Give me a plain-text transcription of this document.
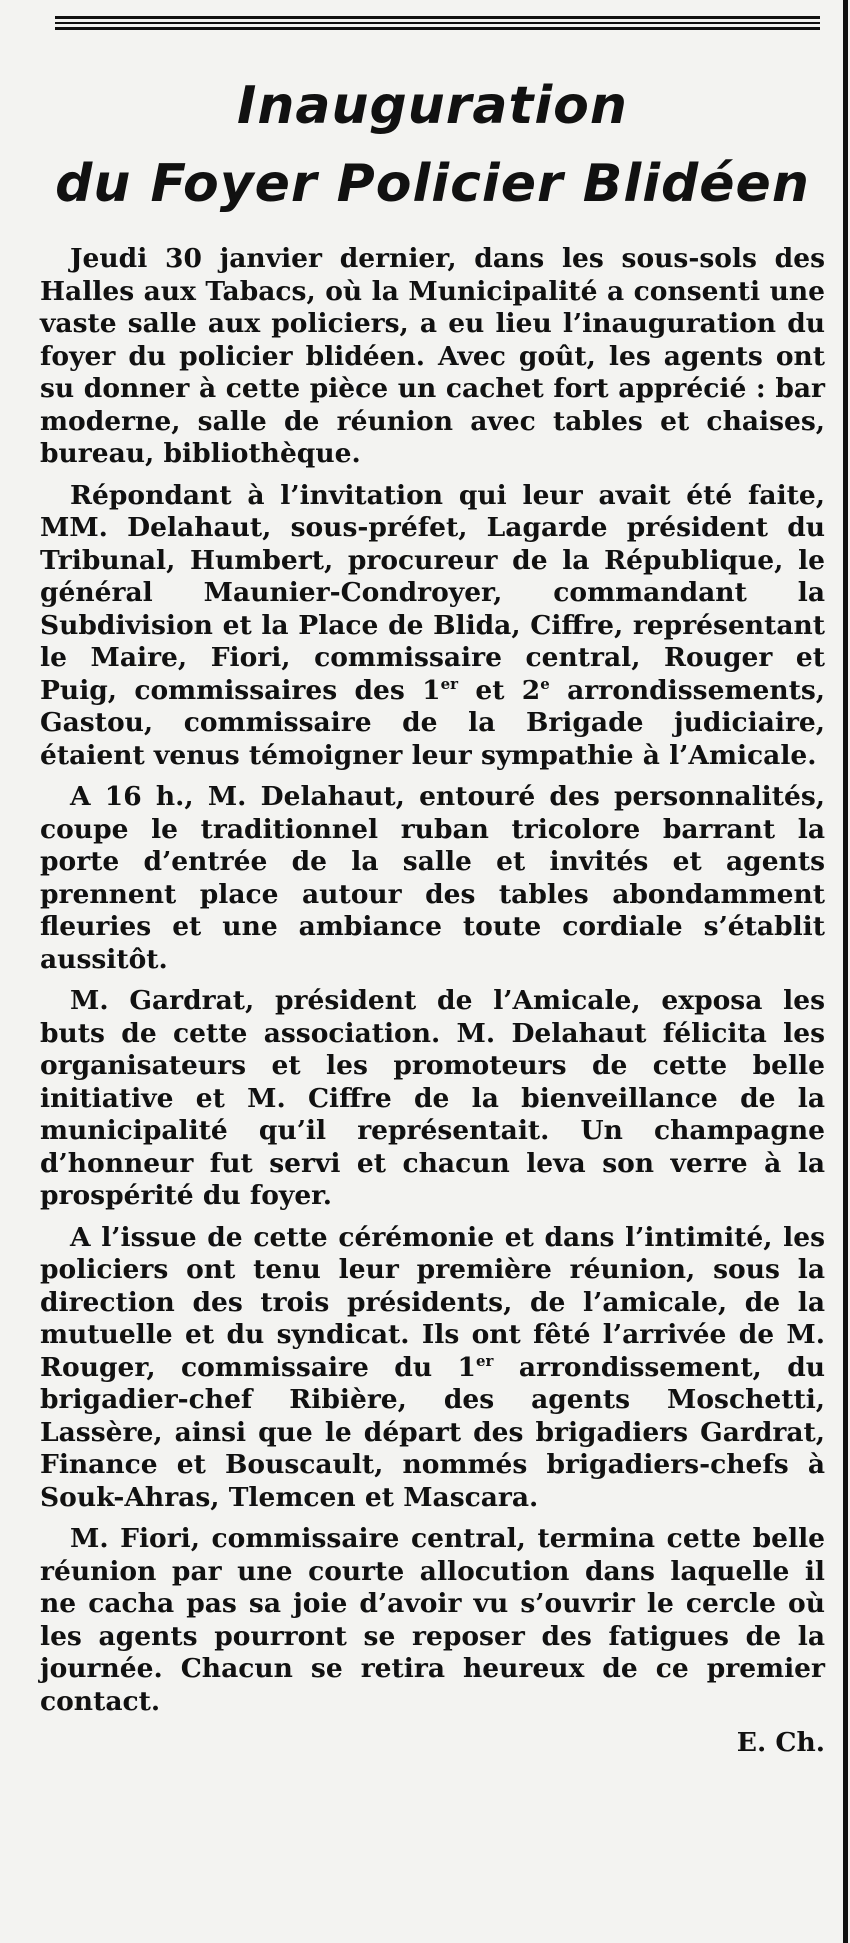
Inauguration
du Foyer Policier Blidéen

Jeudi 30 janvier dernier, dans les sous-sols des Halles aux Tabacs, où la Municipalité a consenti une vaste salle aux policiers, a eu lieu l’inauguration du foyer du policier blidéen. Avec goût, les agents ont su donner à cette pièce un cachet fort apprécié : bar moderne, salle de réunion avec tables et chaises, bureau, bibliothèque.

Répondant à l’invitation qui leur avait été faite, MM. Delahaut, sous-préfet, Lagarde président du Tribunal, Humbert, procureur de la République, le général Maunier-Condroyer, commandant la Subdivision et la Place de Blida, Ciffre, représentant le Maire, Fiori, commissaire central, Rouger et Puig, commissaires des 1er et 2e arrondissements, Gastou, commissaire de la Brigade judiciaire, étaient venus témoigner leur sympathie à l’Amicale.

A 16 h., M. Delahaut, entouré des personnalités, coupe le traditionnel ruban tricolore barrant la porte d’entrée de la salle et invités et agents prennent place autour des tables abondamment fleuries et une ambiance toute cordiale s’établit aussitôt.

M. Gardrat, président de l’Amicale, exposa les buts de cette association. M. Delahaut félicita les organisateurs et les promoteurs de cette belle initiative et M. Ciffre de la bienveillance de la municipalité qu’il représentait. Un champagne d’honneur fut servi et chacun leva son verre à la prospérité du foyer.

A l’issue de cette cérémonie et dans l’intimité, les policiers ont tenu leur première réunion, sous la direction des trois présidents, de l’amicale, de la mutuelle et du syndicat. Ils ont fêté l’arrivée de M. Rouger, commissaire du 1er arrondissement, du brigadier-chef Ribière, des agents Moschetti, Lassère, ainsi que le départ des brigadiers Gardrat, Finance et Bouscault, nommés brigadiers-chefs à Souk-Ahras, Tlemcen et Mascara.

M. Fiori, commissaire central, termina cette belle réunion par une courte allocution dans laquelle il ne cacha pas sa joie d’avoir vu s’ouvrir le cercle où les agents pourront se reposer des fatigues de la journée. Chacun se retira heureux de ce premier contact.

E. Ch.
